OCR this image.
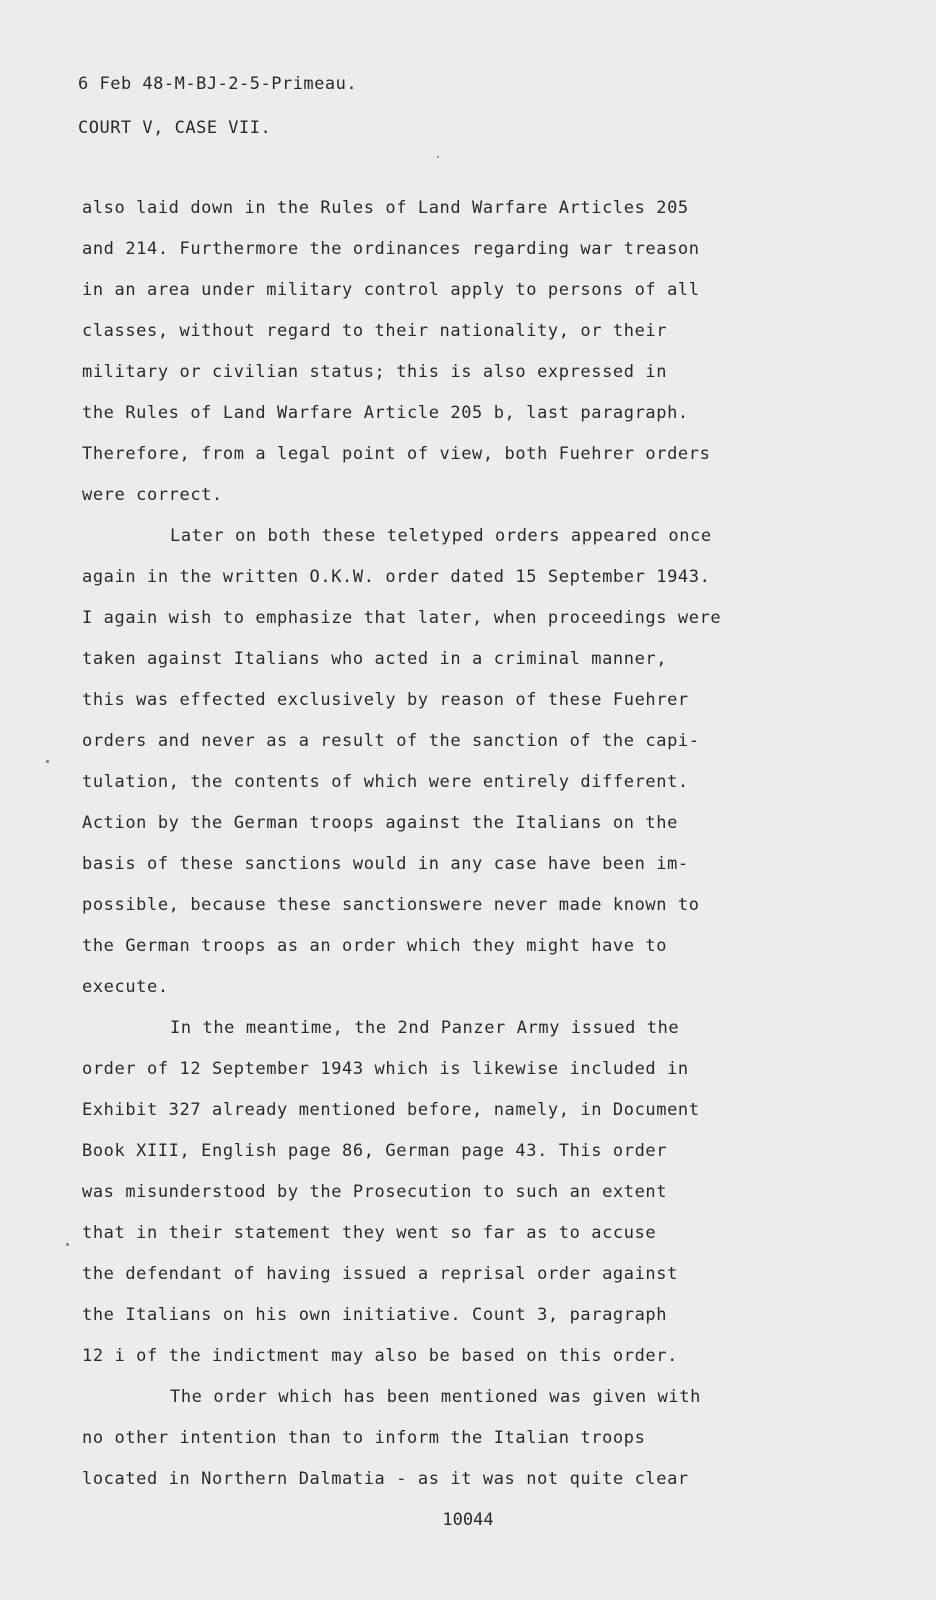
6 Feb 48-M-BJ-2-5-Primeau.
COURT V, CASE VII.
also laid down in the Rules of Land Warfare Articles 205
and 214. Furthermore the ordinances regarding war treason
in an area under military control apply to persons of all
classes, without regard to their nationality, or their
military or civilian status; this is also expressed in
the Rules of Land Warfare Article 205 b, last paragraph.
Therefore, from a legal point of view, both Fuehrer orders
were correct.
Later on both these teletyped orders appeared once
again in the written O.K.W. order dated 15 September 1943.
I again wish to emphasize that later, when proceedings were
taken against Italians who acted in a criminal manner,
this was effected exclusively by reason of these Fuehrer
orders and never as a result of the sanction of the capi-
tulation, the contents of which were entirely different.
Action by the German troops against the Italians on the
basis of these sanctions would in any case have been im-
possible, because these sanctionswere never made known to
the German troops as an order which they might have to
execute.
In the meantime, the 2nd Panzer Army issued the
order of 12 September 1943 which is likewise included in
Exhibit 327 already mentioned before, namely, in Document
Book XIII, English page 86, German page 43. This order
was misunderstood by the Prosecution to such an extent
that in their statement they went so far as to accuse
the defendant of having issued a reprisal order against
the Italians on his own initiative. Count 3, paragraph
12 i of the indictment may also be based on this order.
The order which has been mentioned was given with
no other intention than to inform the Italian troops
located in Northern Dalmatia - as it was not quite clear
10044
